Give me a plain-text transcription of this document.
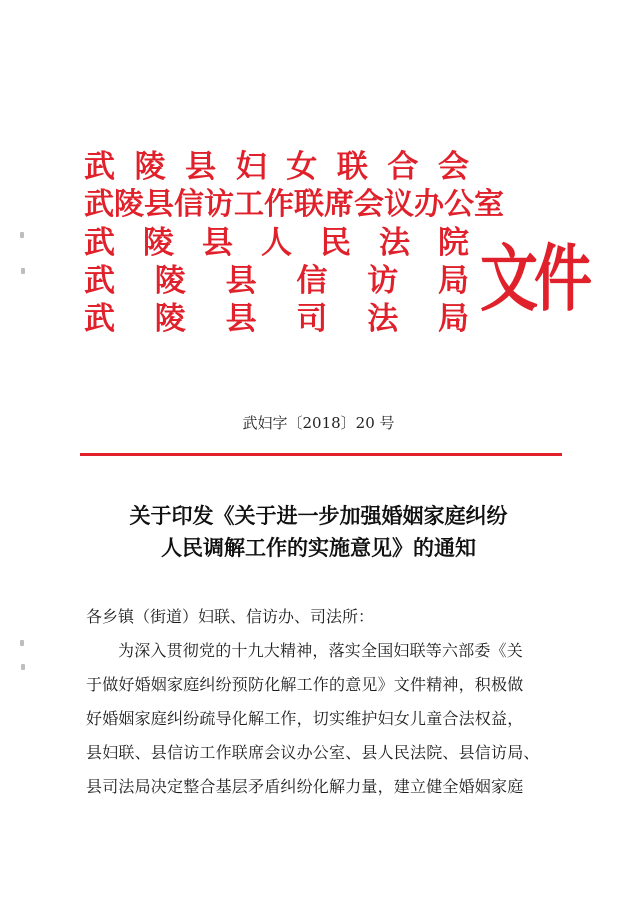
武 陵 县 妇 女 联 合 会
武陵县信访工作联席会议办公室
武 陵 县 人 民 法 院
武 陵 县 信 访 局
武 陵 县 司 法 局 文件
武妇字〔2018〕20 号
关于印发《关于进一步加强婚姻家庭纠纷
人民调解工作的实施意见》的通知
各乡镇（街道）妇联、信访办、司法所：
为深入贯彻党的十九大精神，落实全国妇联等六部委《关
于做好婚姻家庭纠纷预防化解工作的意见》文件精神，积极做
好婚姻家庭纠纷疏导化解工作，切实维护妇女儿童合法权益，
县妇联、县信访工作联席会议办公室、县人民法院、县信访局、
县司法局决定整合基层矛盾纠纷化解力量，建立健全婚姻家庭
